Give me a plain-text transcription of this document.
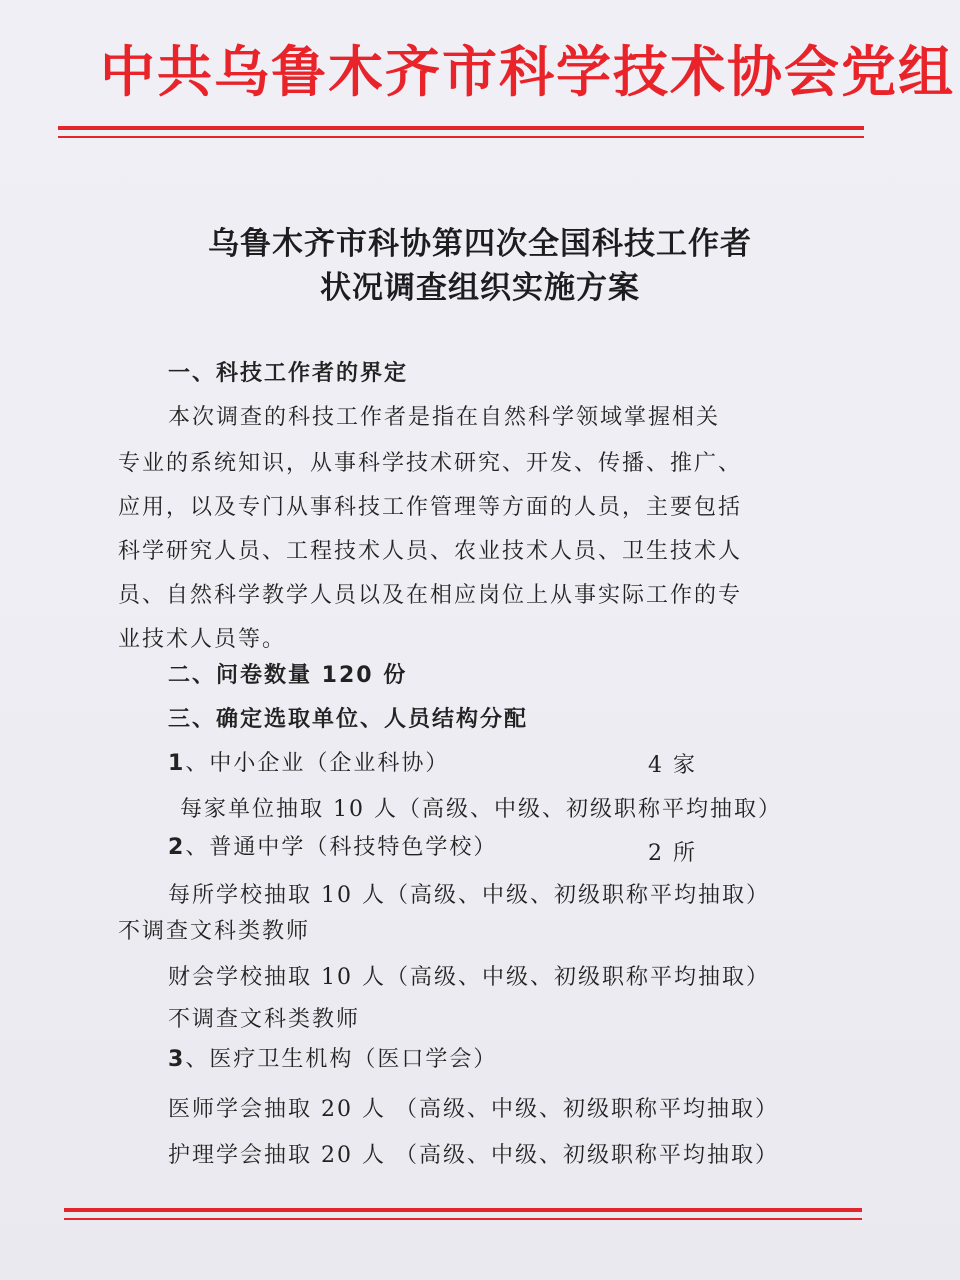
中共乌鲁木齐市科学技术协会党组
乌鲁木齐市科协第四次全国科技工作者
状况调查组织实施方案
一、科技工作者的界定
本次调查的科技工作者是指在自然科学领域掌握相关
专业的系统知识，从事科学技术研究、开发、传播、推广、
应用，以及专门从事科技工作管理等方面的人员，主要包括
科学研究人员、工程技术人员、农业技术人员、卫生技术人
员、自然科学教学人员以及在相应岗位上从事实际工作的专
业技术人员等。
二、问卷数量 120 份
三、确定选取单位、人员结构分配
1、中小企业（企业科协）	4 家
每家单位抽取 10 人（高级、中级、初级职称平均抽取）
2、普通中学（科技特色学校）	2 所
每所学校抽取 10 人（高级、中级、初级职称平均抽取）
不调查文科类教师
财会学校抽取 10 人（高级、中级、初级职称平均抽取）
不调查文科类教师
3、医疗卫生机构（医口学会）
医师学会抽取 20 人 （高级、中级、初级职称平均抽取）
护理学会抽取 20 人 （高级、中级、初级职称平均抽取）
